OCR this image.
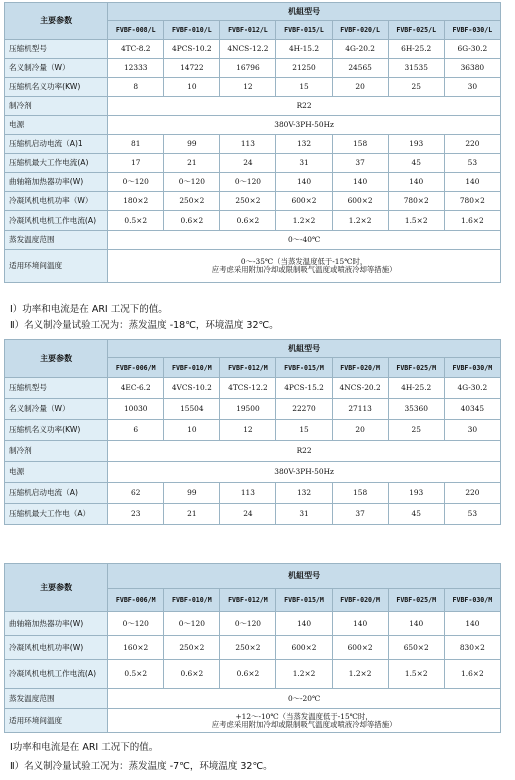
主要参数	机組型号						
	FVBF-008/L	FVBF-010/L	FVBF-012/L	FVBF-015/L	FVBF-020/L	FVBF-025/L	FVBF-030/L
压缩机型号	4TC-8.2	4PCS-10.2	4NCS-12.2	4H-15.2	4G-20.2	6H-25.2	6G-30.2
名义制冷量（W）	12333	14722	16796	21250	24565	31535	36380
压缩机名义功率(KW)	8	10	12	15	20	25	30
制冷剂	R22						

电源	380V-3PH-50Hz						

压缩机启动电流（A)1	81	99	113	132	158	193	220
压缩机最大工作电流(A)	17	21	24	31	37	45	53
曲轴箱加热器功率(W)	0～120	0～120	0～120	140	140	140	140
冷凝风机电机功率（W）	180×2	250×2	250×2	600×2	600×2	780×2	780×2
冷凝风机电机工作电流(A)	0.5×2	0.6×2	0.6×2	1.2×2	1.2×2	1.5×2	1.6×2
蒸发温度范围	0～-40℃						

适用环境间温度	0～-35℃（当蒸发温度低于-15℃时，
应考虑采用附加冷却或限制吸气温度或喷液冷却等措施）						
Ⅰ）功率和电流是在 ARI 工况下的值。
Ⅱ）名义制冷量试验工况为：蒸发温度 -18℃，环境温度 32℃。
主要参数	机組型号						
	FVBF-006/M	FVBF-010/M	FVBF-012/M	FVBF-015/M	FVBF-020/M	FVBF-025/M	FVBF-030/M
压缩机型号	4EC-6.2	4VCS-10.2	4TCS-12.2	4PCS-15.2	4NCS-20.2	4H-25.2	4G-30.2
名义制冷量（W）	10030	15504	19500	22270	27113	35360	40345
压缩机名义功率(KW)	6	10	12	15	20	25	30
制冷剂	R22						

电源	380V-3PH-50Hz						

压缩机启动电流（A)	62	99	113	132	158	193	220
压缩机最大工作电（A）	23	21	24	31	37	45	53
主要参数	机組型号						
	FVBF-006/M	FVBF-010/M	FVBF-012/M	FVBF-015/M	FVBF-020/M	FVBF-025/M	FVBF-030/M
曲轴箱加热器功率(W)	0～120	0～120	0～120	140	140	140	140
冷凝风机电机功率(W)	160×2	250×2	250×2	600×2	600×2	650×2	830×2
冷凝风机电机工作电流(A)	0.5×2	0.6×2	0.6×2	1.2×2	1.2×2	1.5×2	1.6×2
蒸发温度范围	0～-20℃						

适用环境间温度	+12～-10℃（当蒸发温度低于-15℃时，
应考虑采用附加冷却或限制吸气温度或喷液冷却等措施）						
Ⅰ功率和电流是在 ARI 工况下的值。
Ⅱ）名义制冷量试验工况为：蒸发温度 -7℃，环境温度 32℃。
